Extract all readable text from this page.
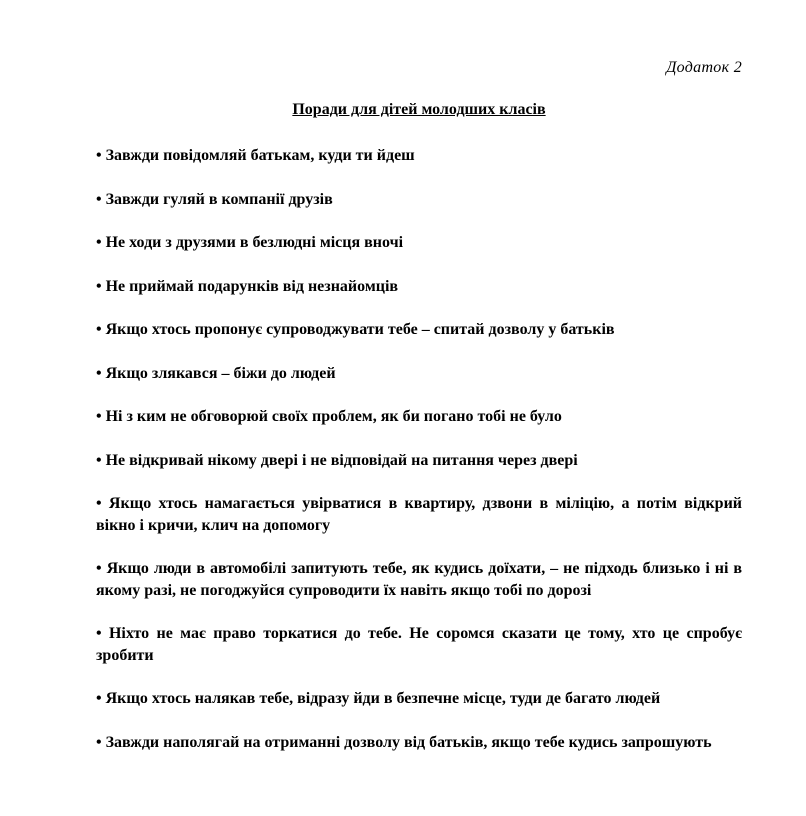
Додаток 2
Поради для дітей молодших класів
• Завжди повідомляй батькам, куди ти йдеш
• Завжди гуляй в компанії друзів
• Не ходи з друзями в безлюдні місця вночі
• Не приймай подарунків від незнайомців
• Якщо хтось пропонує супроводжувати тебе – спитай дозволу у батьків
• Якщо злякався – біжи до людей
• Ні з ким не обговорюй своїх проблем, як би погано тобі не було
• Не відкривай нікому двері і не відповідай на питання через двері
• Якщо хтось намагається увірватися в квартиру, дзвони в міліцію, а потім відкрий вікно і кричи, клич на допомогу
• Якщо люди в автомобілі запитують тебе, як кудись доїхати, – не підходь близько і ні в якому разі, не погоджуйся супроводити їх навіть якщо тобі по дорозі
• Ніхто не має право торкатися до тебе. Не соромся сказати це тому, хто це спробує зробити
• Якщо хтось налякав тебе, відразу йди в безпечне місце, туди де багато людей
• Завжди наполягай на отриманні дозволу від батьків, якщо тебе кудись запрошують
